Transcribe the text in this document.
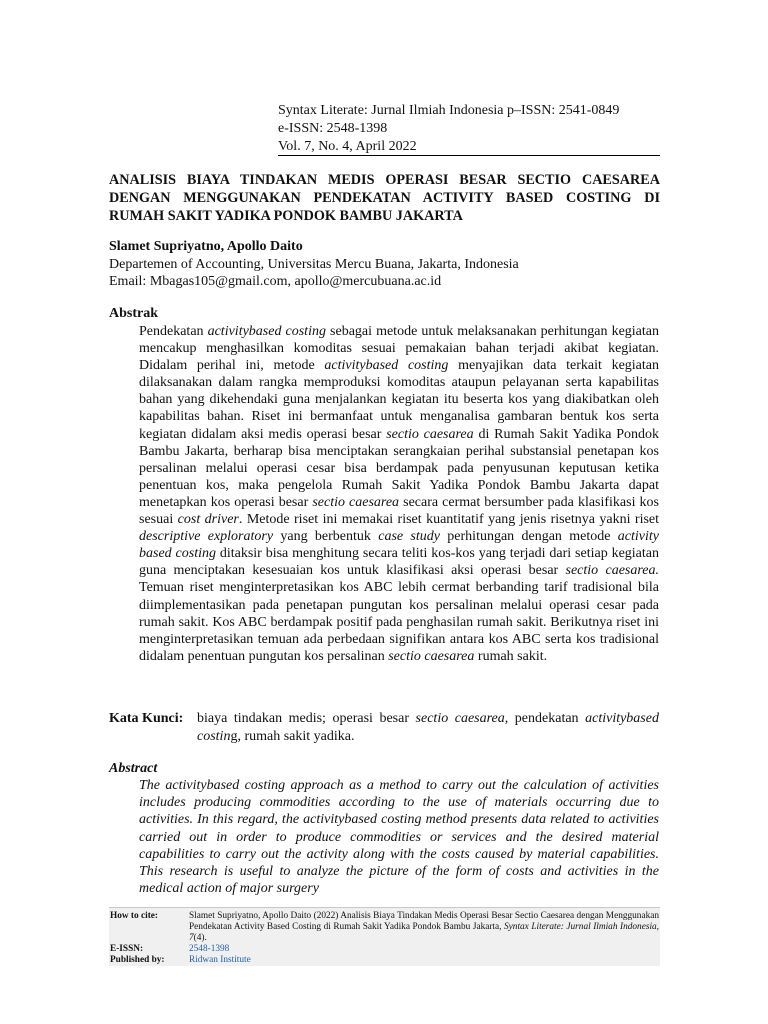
Syntax Literate: Jurnal Ilmiah Indonesia p–ISSN: 2541-0849
e-ISSN: 2548-1398
Vol. 7, No. 4, April 2022
ANALISIS BIAYA TINDAKAN MEDIS OPERASI BESAR SECTIO CAESAREA DENGAN MENGGUNAKAN PENDEKATAN ACTIVITY BASED COSTING DI RUMAH SAKIT YADIKA PONDOK BAMBU JAKARTA
Slamet Supriyatno, Apollo Daito
Departemen of Accounting, Universitas Mercu Buana, Jakarta, Indonesia
Email: Mbagas105@gmail.com, apollo@mercubuana.ac.id
Abstrak
Pendekatan activitybased costing sebagai metode untuk melaksanakan perhitungan kegiatan mencakup menghasilkan komoditas sesuai pemakaian bahan terjadi akibat kegiatan. Didalam perihal ini, metode activitybased costing menyajikan data terkait kegiatan dilaksanakan dalam rangka memproduksi komoditas ataupun pelayanan serta kapabilitas bahan yang dikehendaki guna menjalankan kegiatan itu beserta kos yang diakibatkan oleh kapabilitas bahan. Riset ini bermanfaat untuk menganalisa gambaran bentuk kos serta kegiatan didalam aksi medis operasi besar sectio caesarea di Rumah Sakit Yadika Pondok Bambu Jakarta, berharap bisa menciptakan serangkaian perihal substansial penetapan kos persalinan melalui operasi cesar bisa berdampak pada penyusunan keputusan ketika penentuan kos, maka pengelola Rumah Sakit Yadika Pondok Bambu Jakarta dapat menetapkan kos operasi besar sectio caesarea secara cermat bersumber pada klasifikasi kos sesuai cost driver. Metode riset ini memakai riset kuantitatif yang jenis risetnya yakni riset descriptive exploratory yang berbentuk case study perhitungan dengan metode activity based costing ditaksir bisa menghitung secara teliti kos-kos yang terjadi dari setiap kegiatan guna menciptakan kesesuaian kos untuk klasifikasi aksi operasi besar sectio caesarea. Temuan riset menginterpretasikan kos ABC lebih cermat berbanding tarif tradisional bila diimplementasikan pada penetapan pungutan kos persalinan melalui operasi cesar pada rumah sakit. Kos ABC berdampak positif pada penghasilan rumah sakit. Berikutnya riset ini menginterpretasikan temuan ada perbedaan signifikan antara kos ABC serta kos tradisional didalam penentuan pungutan kos persalinan sectio caesarea rumah sakit.
Kata Kunci: biaya tindakan medis; operasi besar sectio caesarea, pendekatan activitybased costing, rumah sakit yadika.
Abstract
The activitybased costing approach as a method to carry out the calculation of activities includes producing commodities according to the use of materials occurring due to activities. In this regard, the activitybased costing method presents data related to activities carried out in order to produce commodities or services and the desired material capabilities to carry out the activity along with the costs caused by material capabilities. This research is useful to analyze the picture of the form of costs and activities in the medical action of major surgery
How to cite:	Slamet Supriyatno, Apollo Daito (2022) Analisis Biaya Tindakan Medis Operasi Besar Sectio Caesarea dengan Menggunakan Pendekatan Activity Based Costing di Rumah Sakit Yadika Pondok Bambu Jakarta, Syntax Literate: Jurnal Ilmiah Indonesia, 7(4).
E-ISSN:	2548-1398
Published by:	Ridwan Institute
